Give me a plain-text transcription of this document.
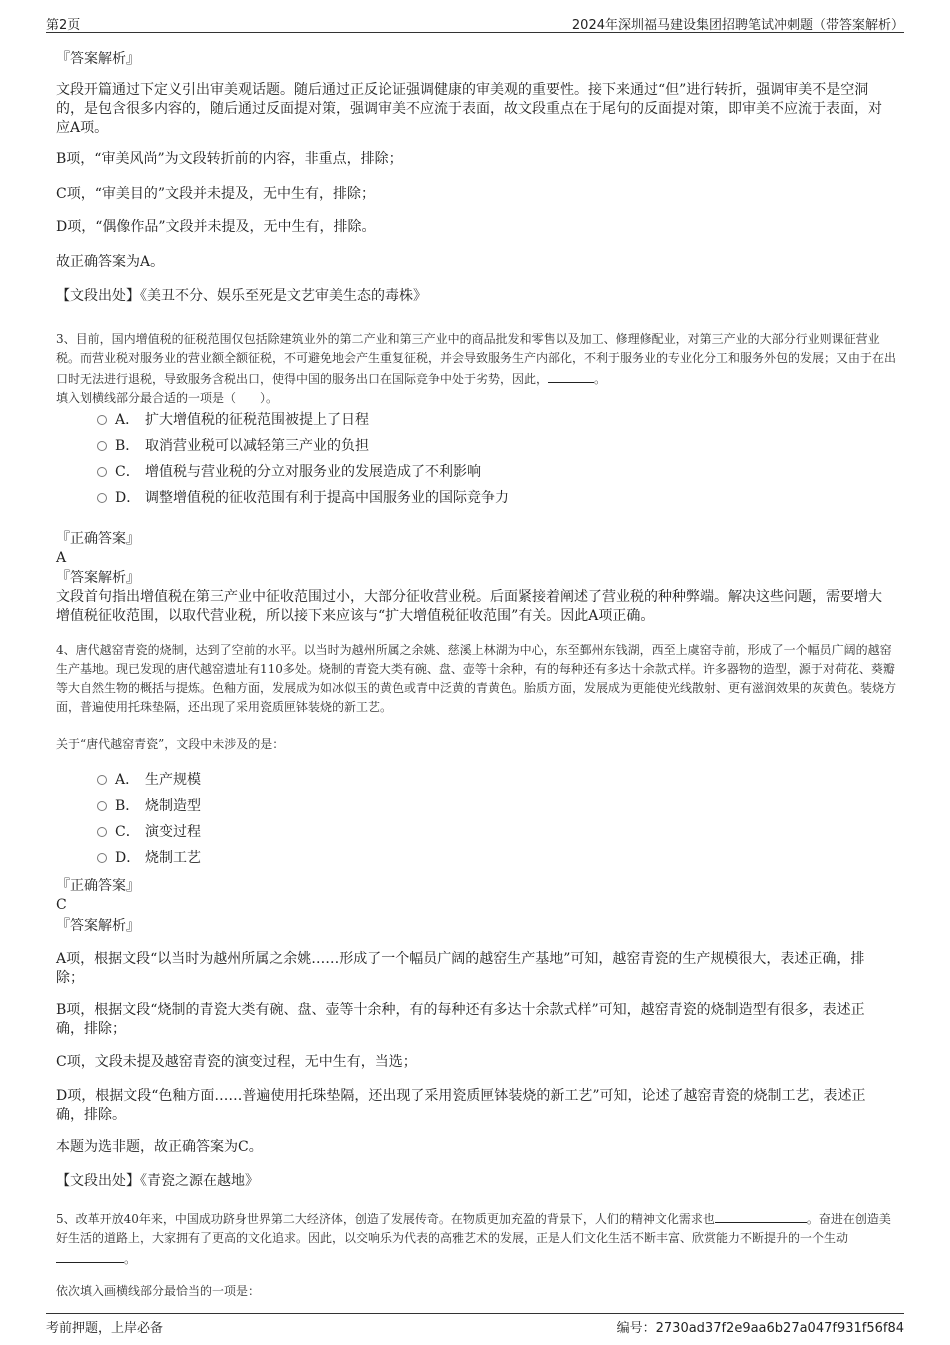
第2页	2024年深圳福马建设集团招聘笔试冲刺题（带答案解析）

『答案解析』

文段开篇通过下定义引出审美观话题。随后通过正反论证强调健康的审美观的重要性。接下来通过“但”进行转折，强调审美不是空洞的，是包含很多内容的，随后通过反面提对策，强调审美不应流于表面，故文段重点在于尾句的反面提对策，即审美不应流于表面，对应A项。

B项，“审美风尚”为文段转折前的内容，非重点，排除；

C项，“审美目的”文段并未提及，无中生有，排除；

D项，“偶像作品”文段并未提及，无中生有，排除。

故正确答案为A。

【文段出处】《美丑不分、娱乐至死是文艺审美生态的毒株》

3、目前，国内增值税的征税范围仅包括除建筑业外的第二产业和第三产业中的商品批发和零售以及加工、修理修配业，对第三产业的大部分行业则课征营业税。而营业税对服务业的营业额全额征税，不可避免地会产生重复征税，并会导致服务生产内部化，不利于服务业的专业化分工和服务外包的发展；又由于在出口时无法进行退税，导致服务含税出口，使得中国的服务出口在国际竞争中处于劣势，因此，	。
填入划横线部分最合适的一项是（　　）。

A． 扩大增值税的征税范围被提上了日程
B． 取消营业税可以减轻第三产业的负担
C． 增值税与营业税的分立对服务业的发展造成了不利影响
D． 调整增值税的征收范围有利于提高中国服务业的国际竞争力

『正确答案』

A

『答案解析』

文段首句指出增值税在第三产业中征收范围过小，大部分征收营业税。后面紧接着阐述了营业税的种种弊端。解决这些问题，需要增大增值税征收范围，以取代营业税，所以接下来应该与“扩大增值税征收范围”有关。因此A项正确。

4、唐代越窑青瓷的烧制，达到了空前的水平。以当时为越州所属之余姚、慈溪上林湖为中心，东至鄞州东钱湖，西至上虞窑寺前，形成了一个幅员广阔的越窑生产基地。现已发现的唐代越窑遗址有110多处。烧制的青瓷大类有碗、盘、壶等十余种，有的每种还有多达十余款式样。许多器物的造型，源于对荷花、葵瓣等大自然生物的概括与提炼。色釉方面，发展成为如冰似玉的黄色或青中泛黄的青黄色。胎质方面，发展成为更能使光线散射、更有滋润效果的灰黄色。装烧方面，普遍使用托珠垫隔，还出现了采用瓷质匣钵装烧的新工艺。

关于“唐代越窑青瓷”，文段中未涉及的是：

A． 生产规模
B． 烧制造型
C． 演变过程
D． 烧制工艺

『正确答案』

C

『答案解析』

A项，根据文段“以当时为越州所属之余姚……形成了一个幅员广阔的越窑生产基地”可知，越窑青瓷的生产规模很大，表述正确，排除；

B项，根据文段“烧制的青瓷大类有碗、盘、壶等十余种，有的每种还有多达十余款式样”可知，越窑青瓷的烧制造型有很多，表述正确，排除；

C项，文段未提及越窑青瓷的演变过程，无中生有，当选；

D项，根据文段“色釉方面……普遍使用托珠垫隔，还出现了采用瓷质匣钵装烧的新工艺”可知，论述了越窑青瓷的烧制工艺，表述正确，排除。

本题为选非题，故正确答案为C。

【文段出处】《青瓷之源在越地》

5、改革开放40年来，中国成功跻身世界第二大经济体，创造了发展传奇。在物质更加充盈的背景下，人们的精神文化需求也	。奋进在创造美好生活的道路上，大家拥有了更高的文化追求。因此，以交响乐为代表的高雅艺术的发展，正是人们文化生活不断丰富、欣赏能力不断提升的一个生动。

依次填入画横线部分最恰当的一项是：

考前押题，上岸必备	编号：2730ad37f2e9aa6b27a047f931f56f84
